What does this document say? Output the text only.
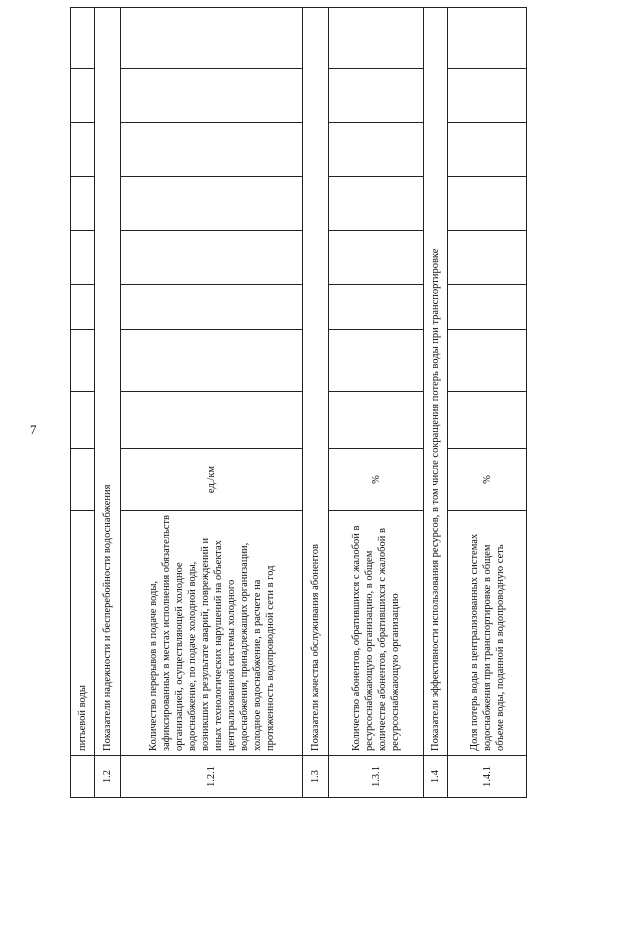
7
	питьевой воды									
1.2	Показатели надежности и бесперебойности водоснабжения									
1.2.1	Количество перерывов в подаче воды, зафиксированных в местах исполнения обязательств организацией, осуществляющей холодное водоснабжение, по подаче холодной воды, возникших в результате аварий, повреждений и иных технологических нарушений на объектах централизованной системы холодного водоснабжения, принадлежащих организации, холодное водоснабжение, в расчете на протяженность водопроводной сети в год	ед./км								
1.3	Показатели качества обслуживания абонентов									
1.3.1	Количество абонентов, обратившихся с жалобой в ресурсоснабжающую организацию, в общем количестве абонентов, обратившихся с жалобой в ресурсоснабжающую организацию	%								
1.4	Показатели эффективности использования ресурсов, в том числе сокращения потерь воды при транспортировке									
1.4.1	Доля потерь воды в централизованных системах водоснабжения при транспортировке в общем объеме воды, поданной в водопроводную сеть	%								
